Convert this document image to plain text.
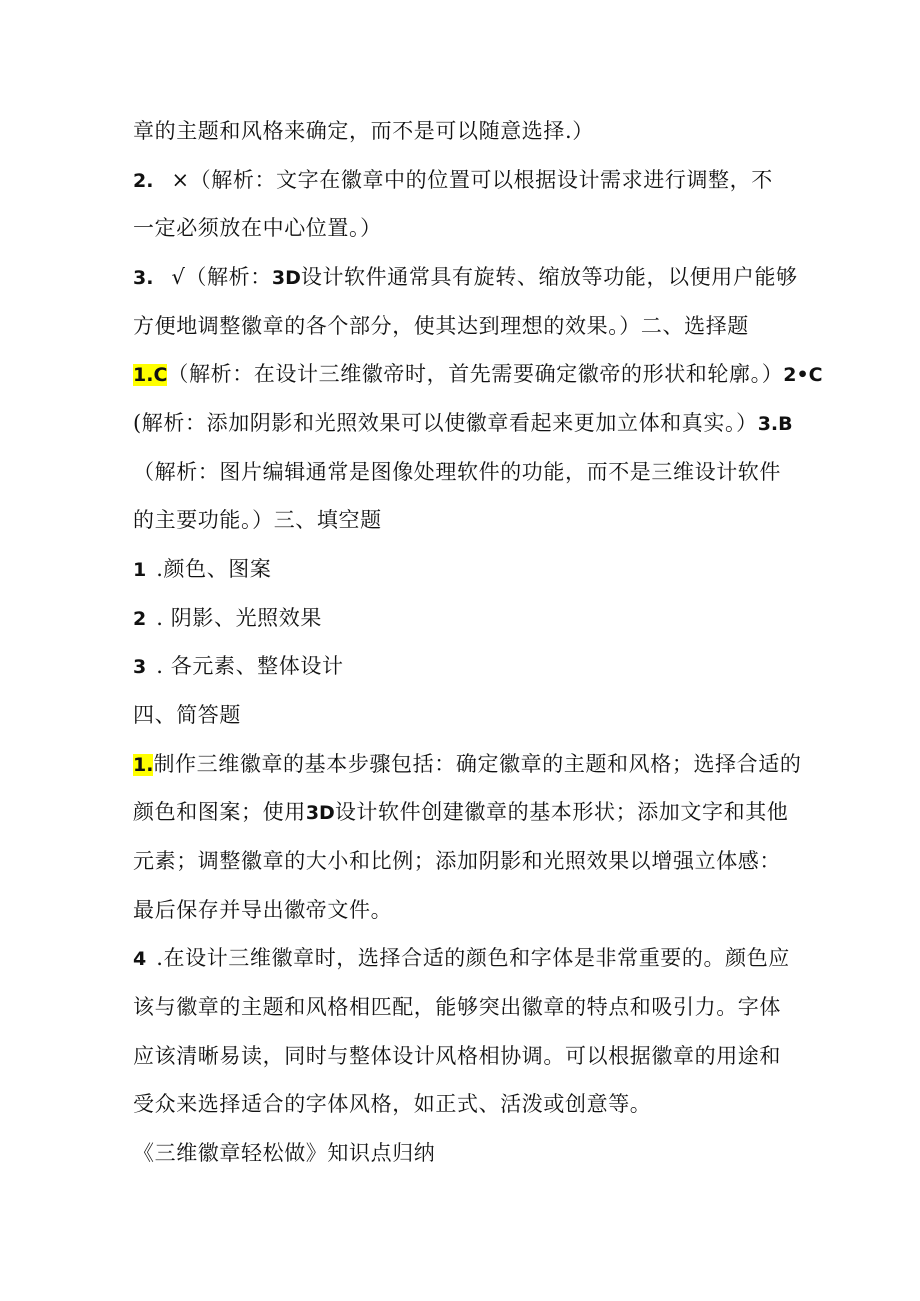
章的主题和风格来确定，而不是可以随意选择.）
2. ×（解析：文字在徽章中的位置可以根据设计需求进行调整，不
一定必须放在中心位置。）
3. √（解析：3D设计软件通常具有旋转、缩放等功能，以便用户能够
方便地调整徽章的各个部分，使其达到理想的效果。）二、选择题
1.C（解析：在设计三维徽帝时，首先需要确定徽帝的形状和轮廓。）2•C
(解析：添加阴影和光照效果可以使徽章看起来更加立体和真实。）3.B
（解析：图片编辑通常是图像处理软件的功能，而不是三维设计软件
的主要功能。）三、填空题
1 .颜色、图案
2 . 阴影、光照效果
3 . 各元素、整体设计
四、简答题
1.制作三维徽章的基本步骤包括：确定徽章的主题和风格；选择合适的
颜色和图案；使用3D设计软件创建徽章的基本形状；添加文字和其他
元素；调整徽章的大小和比例；添加阴影和光照效果以增强立体感：
最后保存并导出徽帝文件。
4 .在设计三维徽章时，选择合适的颜色和字体是非常重要的。颜色应
该与徽章的主题和风格相匹配，能够突出徽章的特点和吸引力。字体
应该清晰易读，同时与整体设计风格相协调。可以根据徽章的用途和
受众来选择适合的字体风格，如正式、活泼或创意等。
《三维徽章轻松做》知识点归纳
